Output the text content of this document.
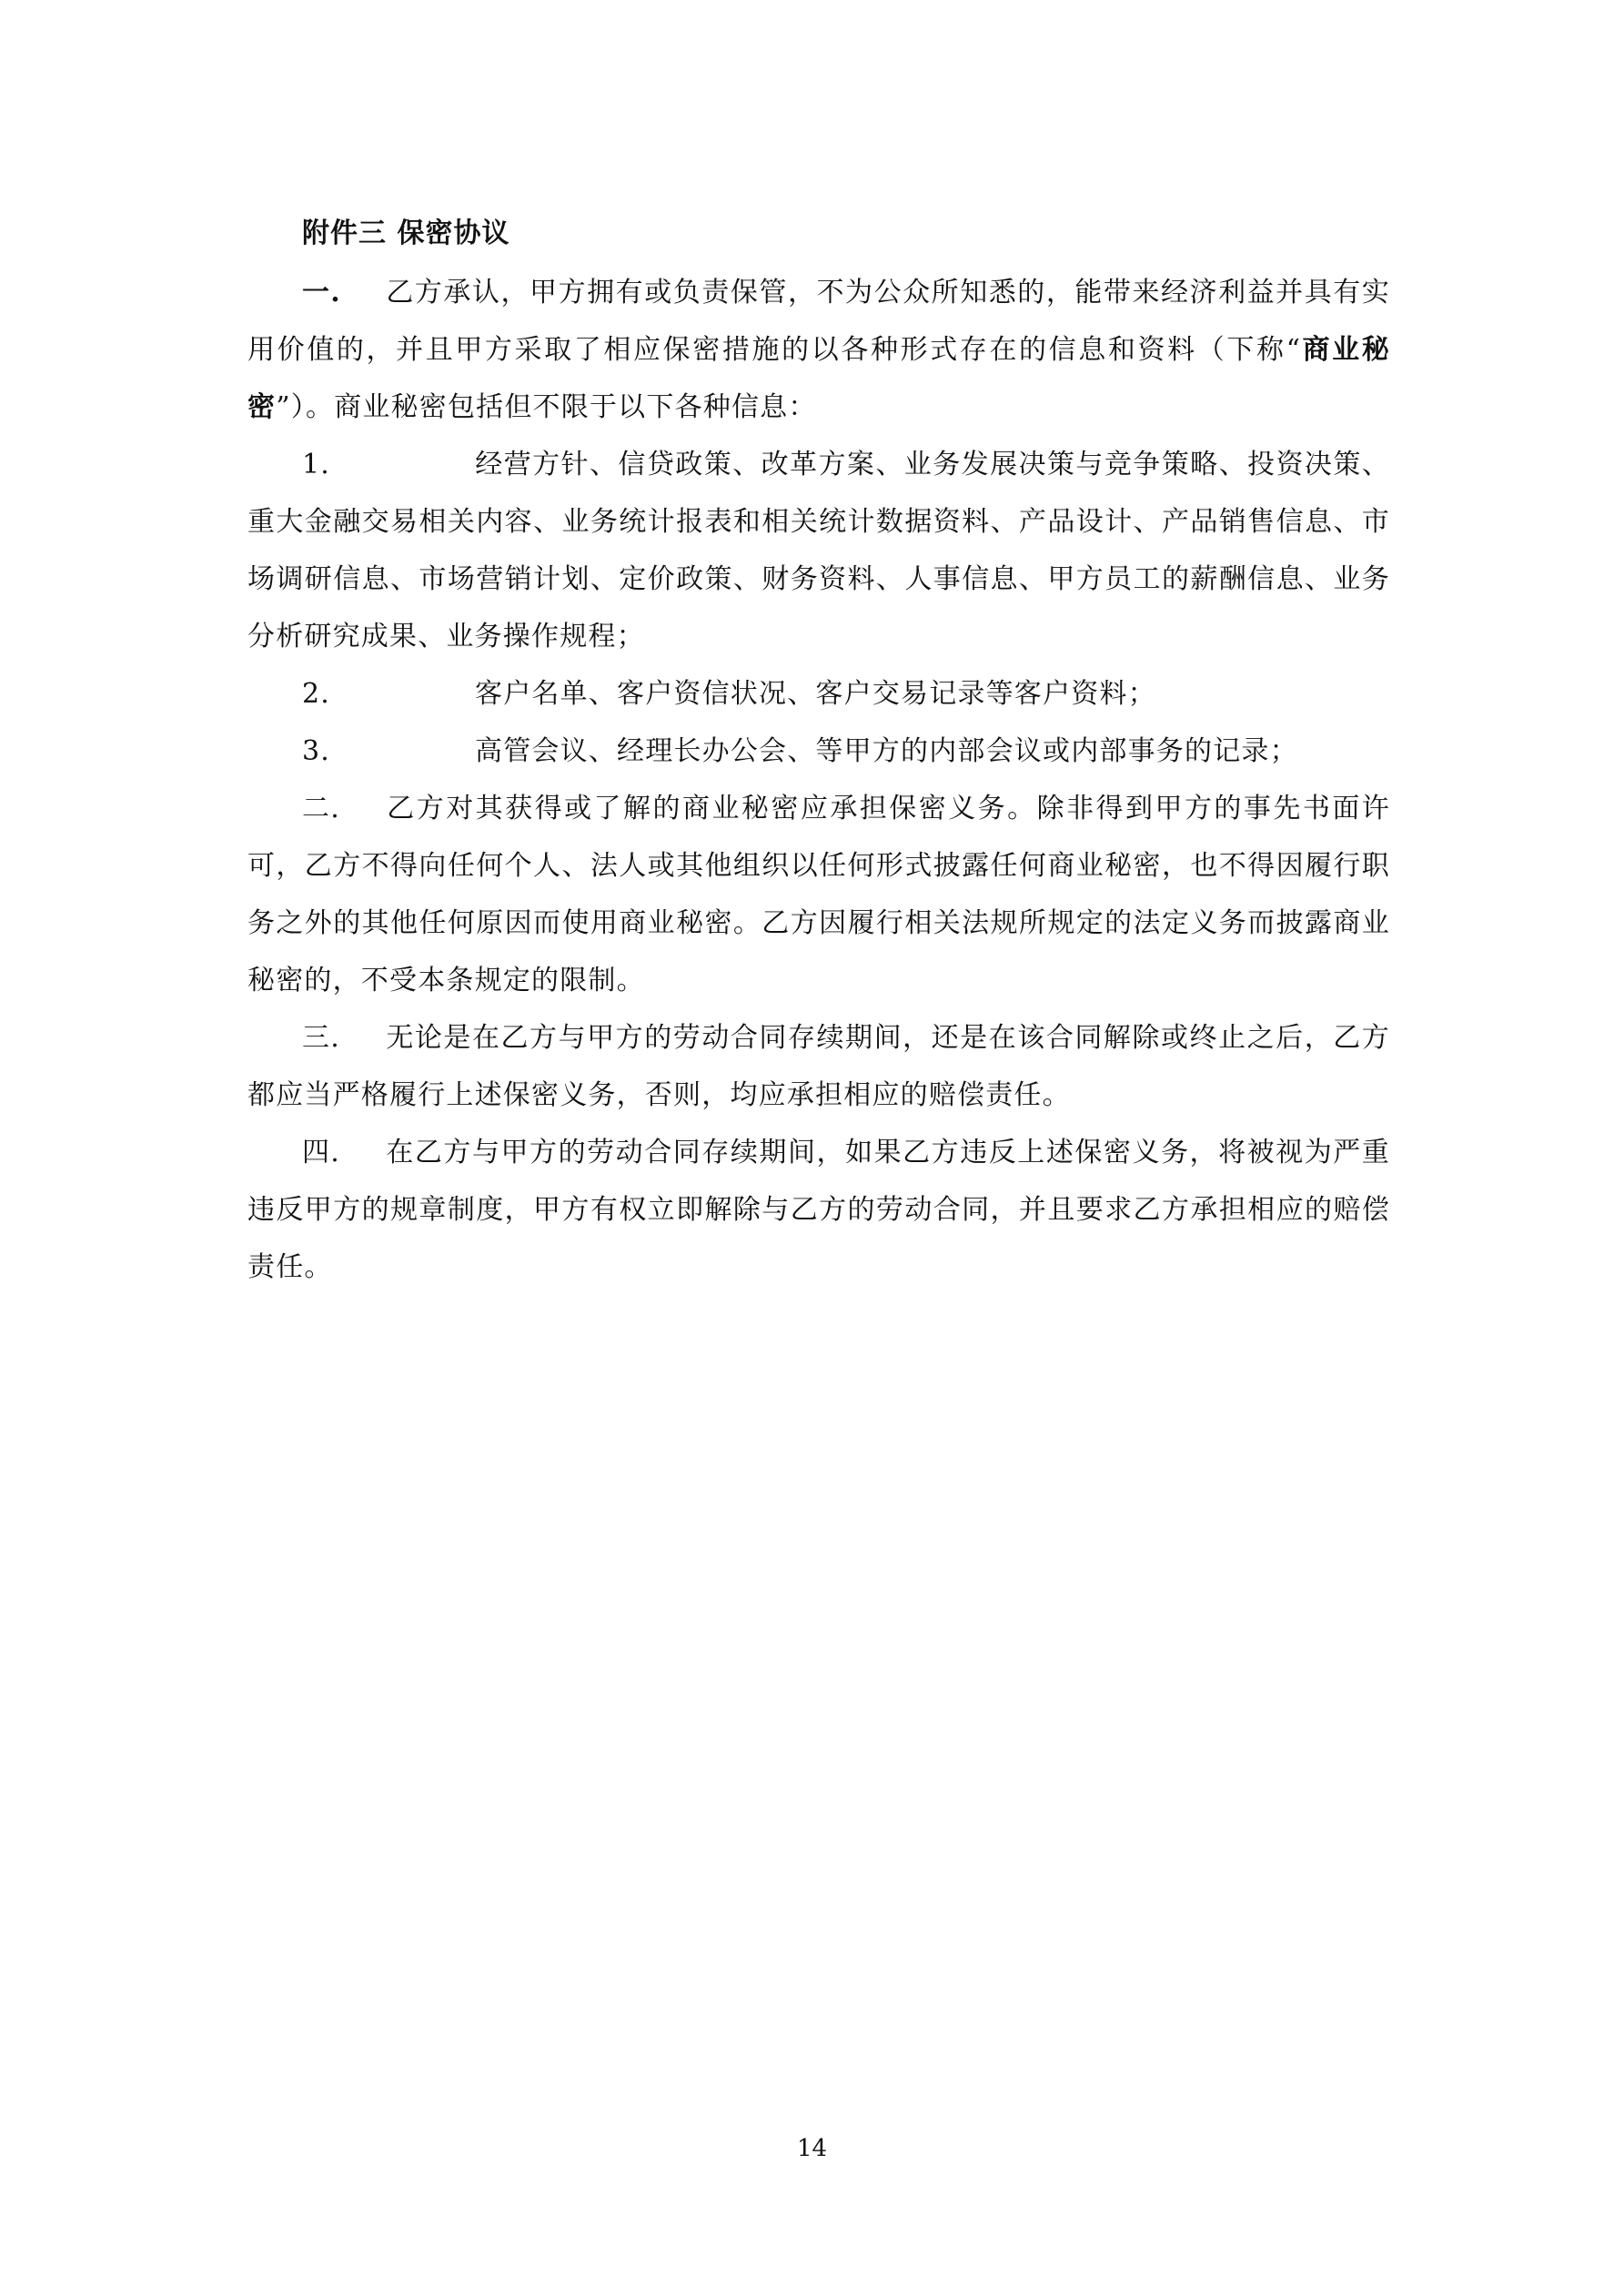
附件三 保密协议

一. 乙方承认，甲方拥有或负责保管，不为公众所知悉的，能带来经济利益并具有实用价值的，并且甲方采取了相应保密措施的以各种形式存在的信息和资料（下称“商业秘密”）。商业秘密包括但不限于以下各种信息：

1.	经营方针、信贷政策、改革方案、业务发展决策与竞争策略、投资决策、重大金融交易相关内容、业务统计报表和相关统计数据资料、产品设计、产品销售信息、市场调研信息、市场营销计划、定价政策、财务资料、人事信息、甲方员工的薪酬信息、业务分析研究成果、业务操作规程；

2.	客户名单、客户资信状况、客户交易记录等客户资料；

3.	高管会议、经理长办公会、等甲方的内部会议或内部事务的记录；

二. 乙方对其获得或了解的商业秘密应承担保密义务。除非得到甲方的事先书面许可，乙方不得向任何个人、法人或其他组织以任何形式披露任何商业秘密，也不得因履行职务之外的其他任何原因而使用商业秘密。乙方因履行相关法规所规定的法定义务而披露商业秘密的，不受本条规定的限制。

三. 无论是在乙方与甲方的劳动合同存续期间，还是在该合同解除或终止之后，乙方都应当严格履行上述保密义务，否则，均应承担相应的赔偿责任。

四. 在乙方与甲方的劳动合同存续期间，如果乙方违反上述保密义务，将被视为严重违反甲方的规章制度，甲方有权立即解除与乙方的劳动合同，并且要求乙方承担相应的赔偿责任。

14
